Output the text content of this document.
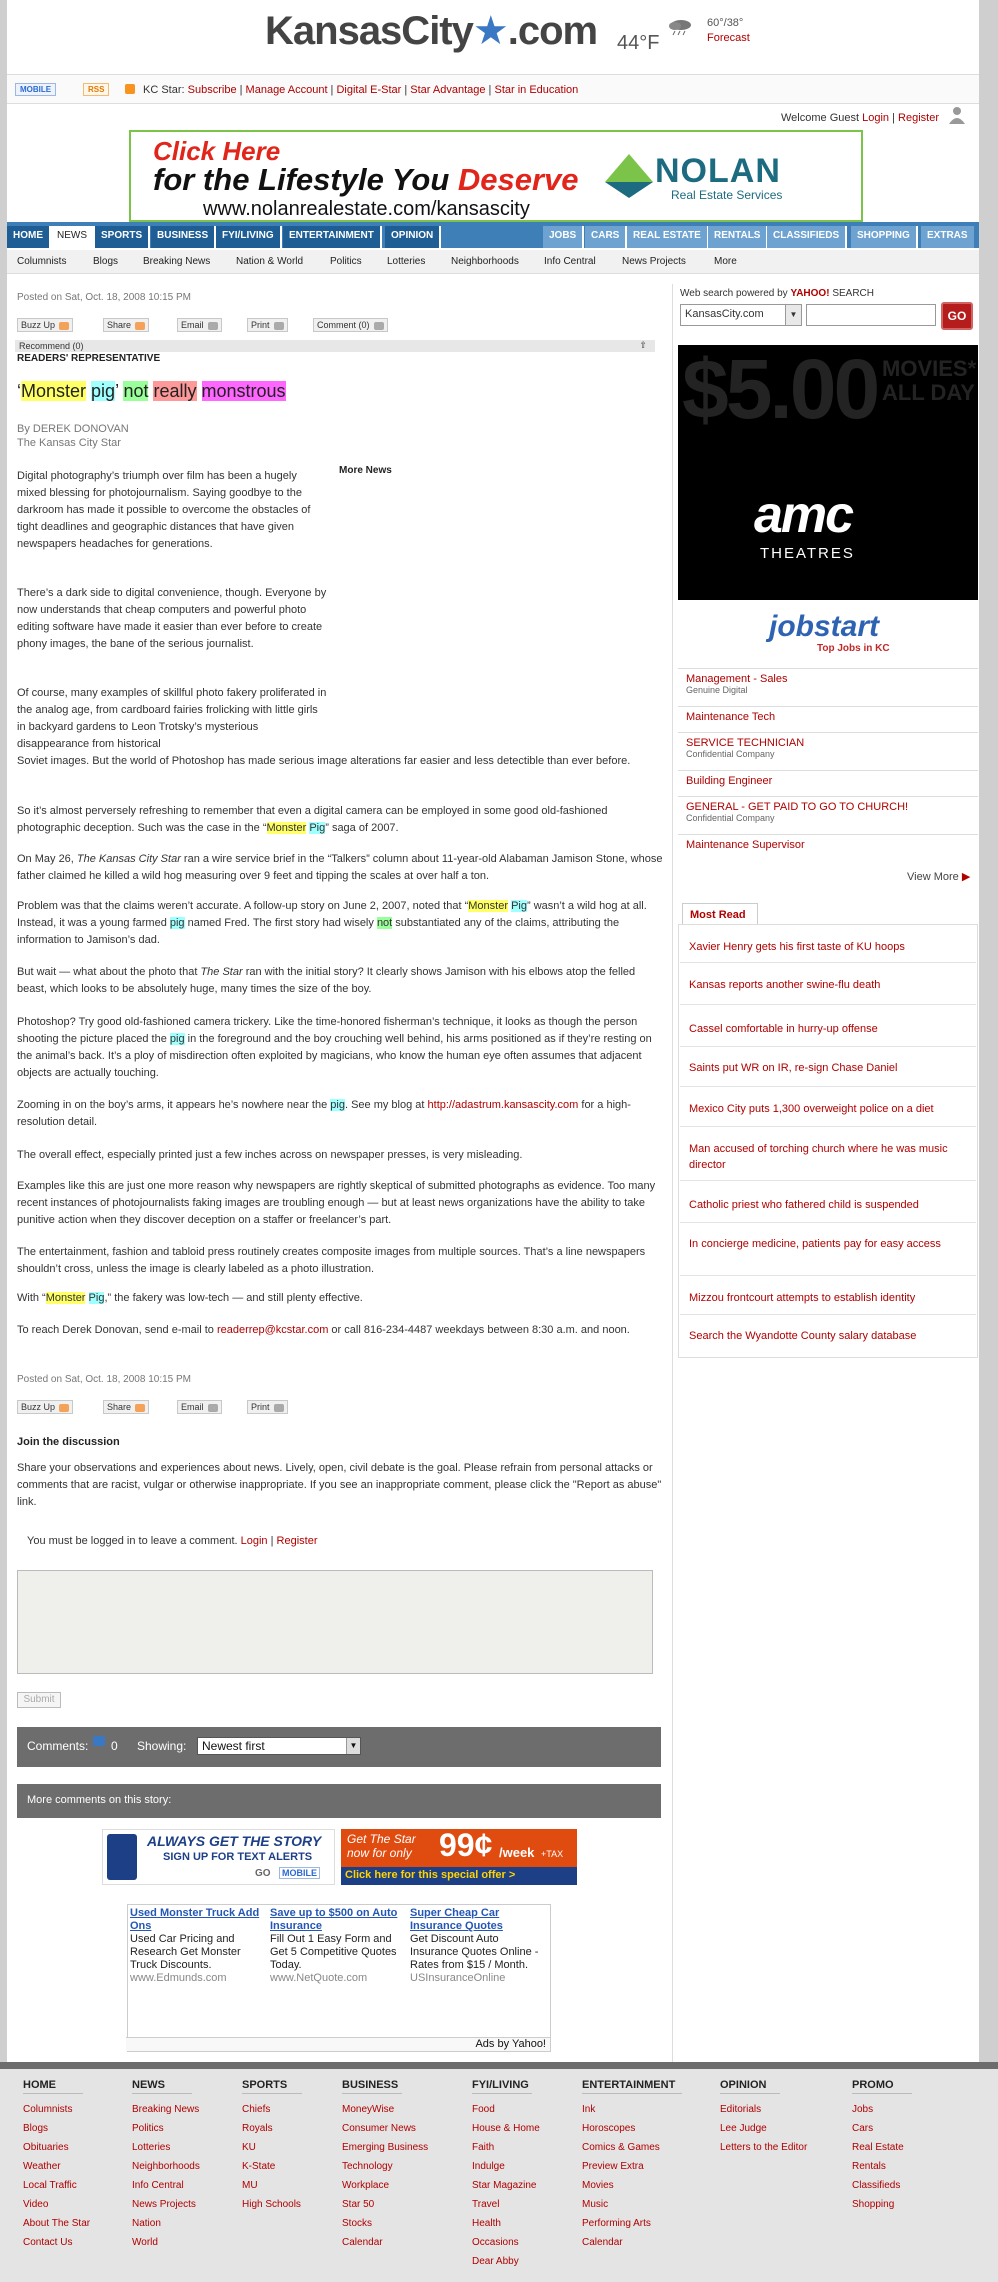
KansasCity★.com 44°F
60°/38°
Forecast
MOBILE	RSS	KC Star: Subscribe | Manage Account | Digital E-Star | Star Advantage | Star in Education
Welcome Guest Login | Register
Click Here
for the Lifestyle You Deserve
www.nolanrealestate.com/kansascity
NOLAN
Real Estate Services
HOME	NEWS	SPORTS	BUSINESS	FYI/LIVING	ENTERTAINMENT	OPINION	JOBS	CARS	REAL ESTATE	RENTALS	CLASSIFIEDS	SHOPPING	EXTRAS
Columnists	Blogs Breaking News	Nation & World	Politics	Lotteries	Neighborhoods	Info Central	News Projects	More
Posted on Sat, Oct. 18, 2008 10:15 PM
Buzz Up	Share	Email	Print	Comment (0)
Recommend (0)	⇧
READERS' REPRESENTATIVE
‘Monster pig’ not really monstrous
By DEREK DONOVAN
The Kansas City Star
More News

Digital photography’s triumph over film has been a hugely mixed blessing for photojournalism. Saying goodbye to the darkroom has made it possible to overcome the obstacles of tight deadlines and geographic distances that have given newspapers headaches for generations.

There’s a dark side to digital convenience, though. Everyone by now understands that cheap computers and powerful photo editing software have made it easier than ever before to create phony images, the bane of the serious journalist.

Of course, many examples of skillful photo fakery proliferated in the analog age, from cardboard fairies frolicking with little girls in backyard gardens to Leon Trotsky’s mysterious disappearance from historical

Soviet images. But the world of Photoshop has made serious image alterations far easier and less detectible than ever before.

So it’s almost perversely refreshing to remember that even a digital camera can be employed in some good old-fashioned photographic deception. Such was the case in the “Monster Pig” saga of 2007.

On May 26, The Kansas City Star ran a wire service brief in the “Talkers” column about 11-year-old Alabaman Jamison Stone, whose father claimed he killed a wild hog measuring over 9 feet and tipping the scales at over half a ton.

Problem was that the claims weren’t accurate. A follow-up story on June 2, 2007, noted that “Monster Pig” wasn’t a wild hog at all. Instead, it was a young farmed pig named Fred. The first story had wisely not substantiated any of the claims, attributing the information to Jamison’s dad.

But wait — what about the photo that The Star ran with the initial story? It clearly shows Jamison with his elbows atop the felled beast, which looks to be absolutely huge, many times the size of the boy.

Photoshop? Try good old-fashioned camera trickery. Like the time-honored fisherman’s technique, it looks as though the person shooting the picture placed the pig in the foreground and the boy crouching well behind, his arms positioned as if they’re resting on the animal’s back. It’s a ploy of misdirection often exploited by magicians, who know the human eye often assumes that adjacent objects are actually touching.

Zooming in on the boy’s arms, it appears he’s nowhere near the pig. See my blog at http://adastrum.kansascity.com for a high-resolution detail.

The overall effect, especially printed just a few inches across on newspaper presses, is very misleading.

Examples like this are just one more reason why newspapers are rightly skeptical of submitted photographs as evidence. Too many recent instances of photojournalists faking images are troubling enough — but at least news organizations have the ability to take punitive action when they discover deception on a staffer or freelancer’s part.

The entertainment, fashion and tabloid press routinely creates composite images from multiple sources. That’s a line newspapers shouldn’t cross, unless the image is clearly labeled as a photo illustration.

With “Monster Pig,” the fakery was low-tech — and still plenty effective.

To reach Derek Donovan, send e-mail to readerrep@kcstar.com or call 816-234-4487 weekdays between 8:30 a.m. and noon.

Posted on Sat, Oct. 18, 2008 10:15 PM
Buzz Up	Share	Email	Print
Join the discussion
Share your observations and experiences about news. Lively, open, civil debate is the goal. Please refrain from personal attacks or comments that are racist, vulgar or otherwise inappropriate. If you see an inappropriate comment, please click the "Report as abuse" link.
You must be logged in to leave a comment. Login | Register
Submit
Comments: 0 Showing:	Newest first	▼
More comments on this story:
ALWAYS GET THE STORY
SIGN UP FOR TEXT ALERTS
GO	MOBILE
Get The Star
now for only 99¢ /week +TAX
Click here for this special offer >
Used Monster Truck Add Ons
Used Car Pricing and Research Get Monster Truck Discounts.
www.Edmunds.com
Save up to $500 on Auto Insurance
Fill Out 1 Easy Form and Get 5 Competitive Quotes Today.
www.NetQuote.com
Super Cheap Car Insurance Quotes
Get Discount Auto Insurance Quotes Online - Rates from $15 / Month.
USInsuranceOnline
Ads by Yahoo!
Web search powered by YAHOO! SEARCH
KansasCity.com	▼	GO
$5.00 MOVIES*
ALL DAY
amc
THEATRES
jobstart
Top Jobs in KC
Management - Sales
Genuine Digital
Maintenance Tech
SERVICE TECHNICIAN
Confidential Company
Building Engineer
GENERAL - GET PAID TO GO TO CHURCH!
Confidential Company
Maintenance Supervisor
View More ▶
Most Read
Xavier Henry gets his first taste of KU hoops
Kansas reports another swine-flu death
Cassel comfortable in hurry-up offense
Saints put WR on IR, re-sign Chase Daniel
Mexico City puts 1,300 overweight police on a diet
Man accused of torching church where he was music director
Catholic priest who fathered child is suspended
In concierge medicine, patients pay for easy access
Mizzou frontcourt attempts to establish identity
Search the Wyandotte County salary database
HOME
Columnists
Blogs
Obituaries
Weather
Local Traffic
Video
About The Star
Contact Us
NEWS
Breaking News
Politics
Lotteries
Neighborhoods
Info Central
News Projects
Nation
World
SPORTS
Chiefs
Royals
KU
K-State
MU
High Schools
BUSINESS
MoneyWise
Consumer News
Emerging Business
Technology
Workplace
Star 50
Stocks
Calendar
FYI/LIVING
Food
House & Home
Faith
Indulge
Star Magazine
Travel
Health
Occasions
Dear Abby
ENTERTAINMENT
Ink
Horoscopes
Comics & Games
Preview Extra
Movies
Music
Performing Arts
Calendar
OPINION
Editorials
Lee Judge
Letters to the Editor
PROMO
Jobs
Cars
Real Estate
Rentals
Classifieds
Shopping
